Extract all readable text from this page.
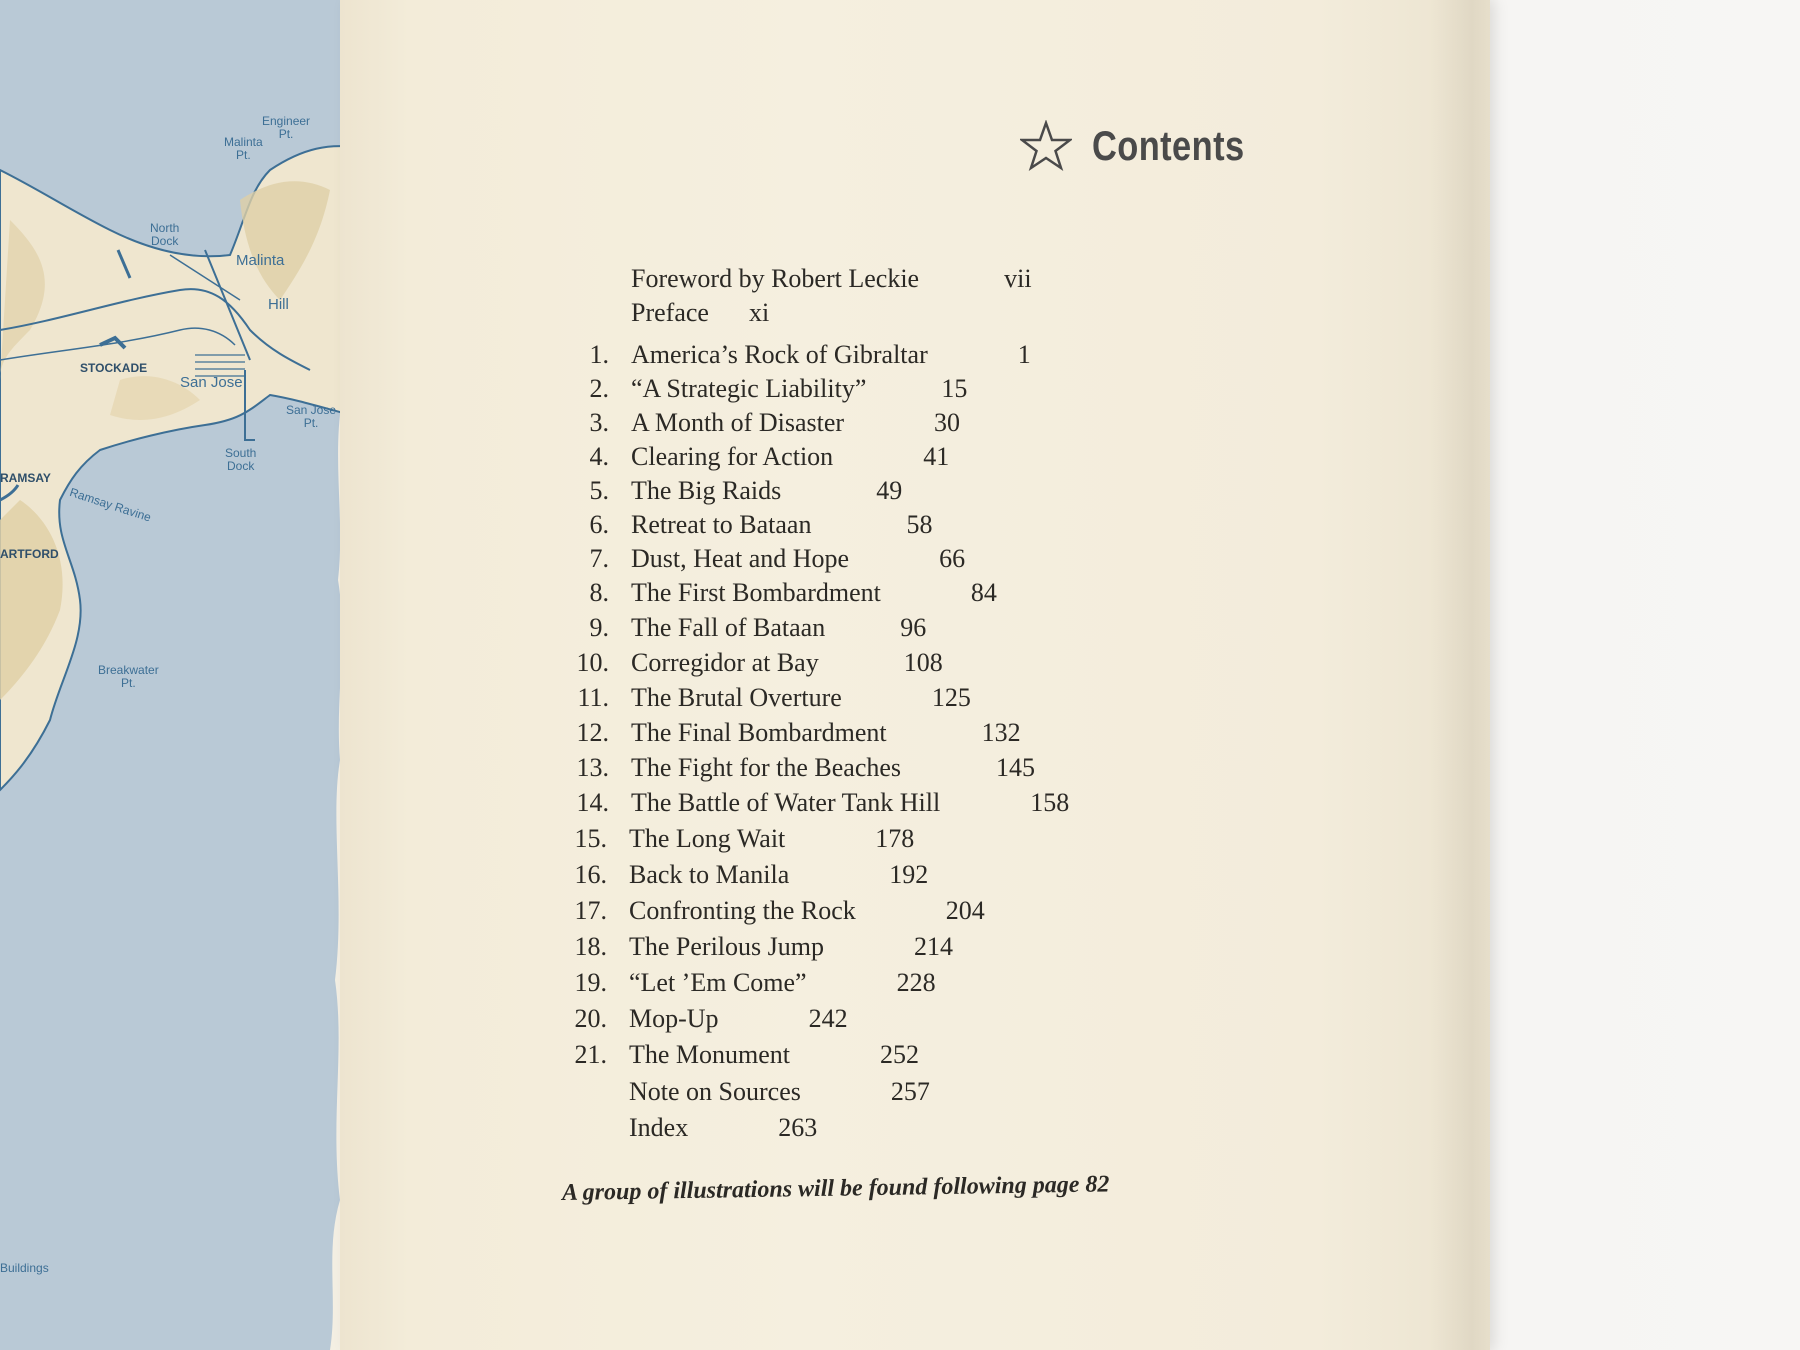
Engineer
Pt.
Malinta
Pt.
North
Dock
Malinta
Hill
STOCKADE
San Jose
San Jose
Pt.
South
Dock
RAMSAY
Ramsay Ravine
ARTFORD
Breakwater
Pt.
Buildings
Contents
Foreword by Robert Leckie	vii
Preface xi
1. America’s Rock of Gibraltar	1
2. “A Strategic Liability”	15
3. A Month of Disaster	30
4. Clearing for Action	41
5. The Big Raids	49
6. Retreat to Bataan	58
7. Dust, Heat and Hope	66
8. The First Bombardment	84
9. The Fall of Bataan	96
10. Corregidor at Bay	108
11. The Brutal Overture	125
12. The Final Bombardment	132
13. The Fight for the Beaches	145
14. The Battle of Water Tank Hill	158
15. The Long Wait	178
16. Back to Manila	192
17. Confronting the Rock	204
18. The Perilous Jump	214
19. “Let ’Em Come”	228
20. Mop-Up	242
21. The Monument	252
Note on Sources	257
Index	263
A group of illustrations will be found following page 82
